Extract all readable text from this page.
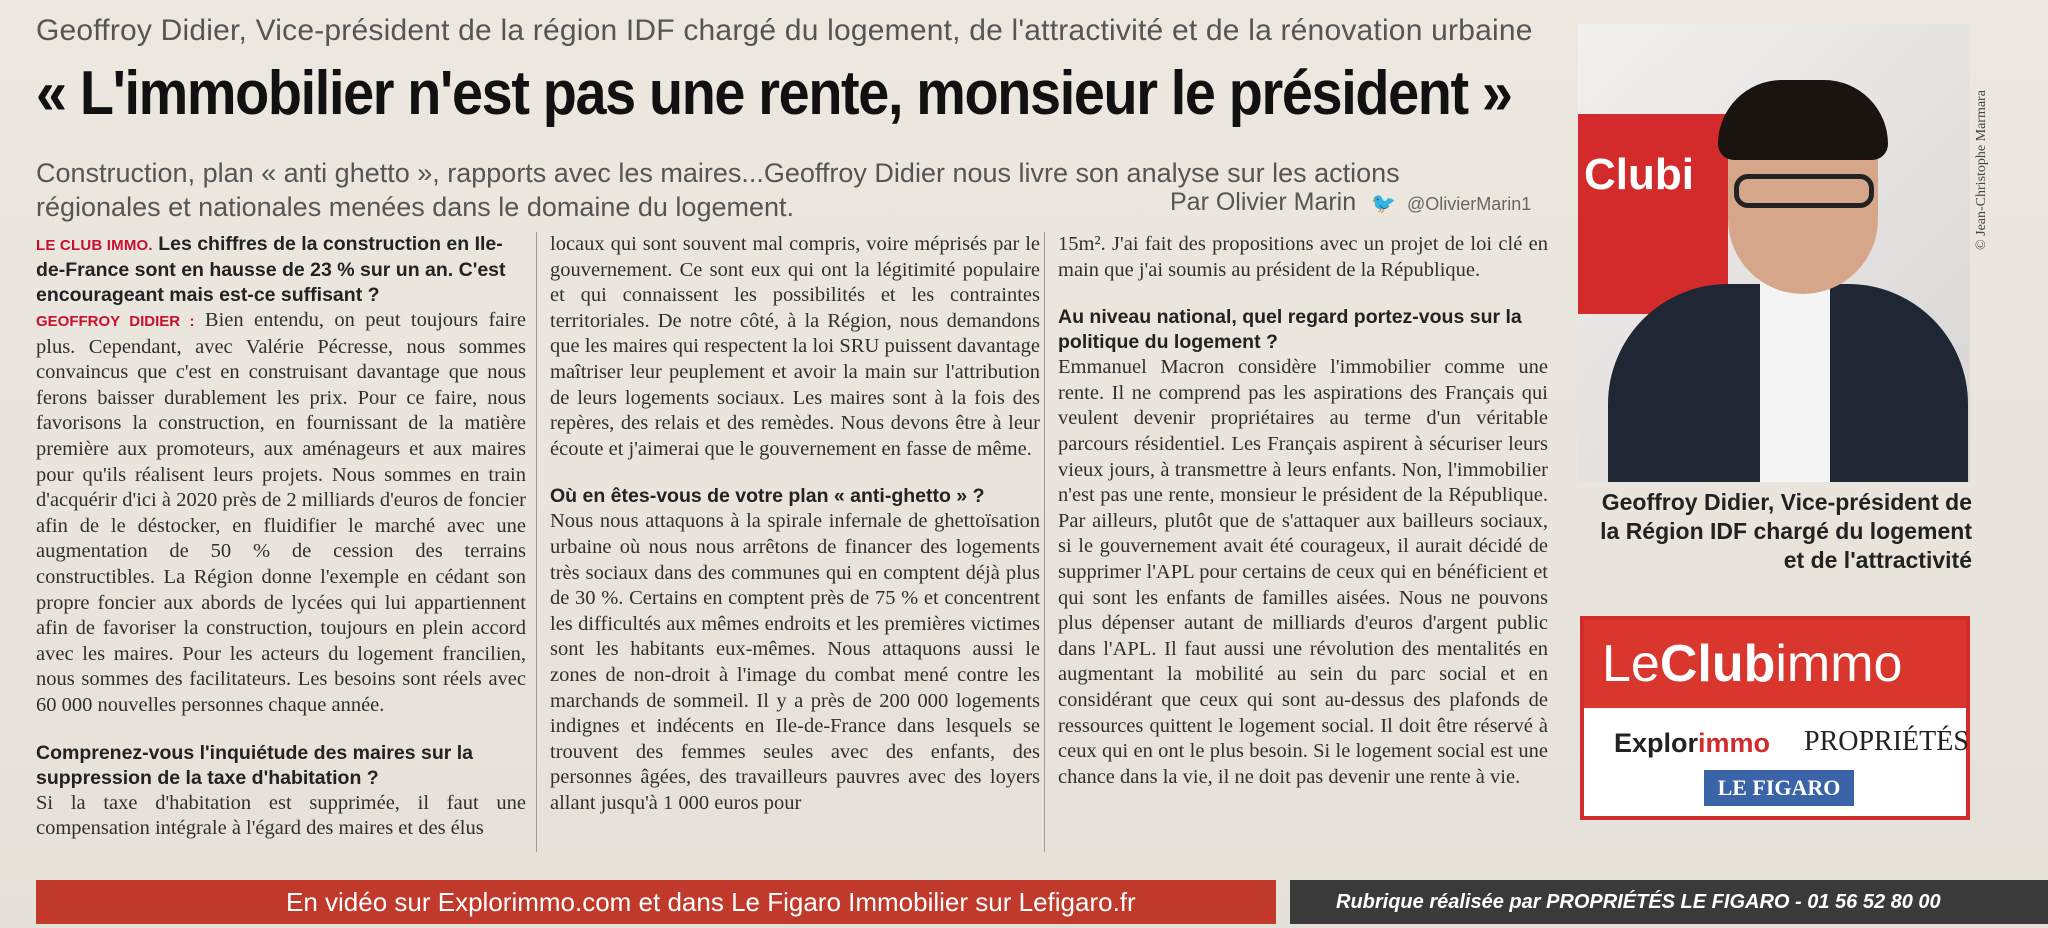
Geoffroy Didier, Vice-président de la région IDF chargé du logement, de l'attractivité et de la rénovation urbaine
« L'immobilier n'est pas une rente, monsieur le président »
Construction, plan « anti ghetto », rapports avec les maires...Geoffroy Didier nous livre son analyse sur les actions régionales et nationales menées dans le domaine du logement.	Par Olivier Marin 🐦 @OlivierMarin1

LE CLUB IMMO. Les chiffres de la construction en Ile-de-France sont en hausse de 23 % sur un an. C'est encourageant mais est-ce suffisant ?

GEOFFROY DIDIER : Bien entendu, on peut toujours faire plus. Cependant, avec Valérie Pécresse, nous sommes convaincus que c'est en construisant davantage que nous ferons baisser durablement les prix. Pour ce faire, nous favorisons la construction, en fournissant de la matière première aux promoteurs, aux aménageurs et aux maires pour qu'ils réalisent leurs projets. Nous sommes en train d'acquérir d'ici à 2020 près de 2 milliards d'euros de foncier afin de le déstocker, en fluidifier le marché avec une augmentation de 50 % de cession des terrains constructibles. La Région donne l'exemple en cédant son propre foncier aux abords de lycées qui lui appartiennent afin de favoriser la construction, toujours en plein accord avec les maires. Pour les acteurs du logement francilien, nous sommes des facilitateurs. Les besoins sont réels avec 60 000 nouvelles personnes chaque année.

Comprenez-vous l'inquiétude des maires sur la suppression de la taxe d'habitation ?

Si la taxe d'habitation est supprimée, il faut une compensation intégrale à l'égard des maires et des élus

locaux qui sont souvent mal compris, voire méprisés par le gouvernement. Ce sont eux qui ont la légitimité populaire et qui connaissent les possibilités et les contraintes territoriales. De notre côté, à la Région, nous demandons que les maires qui respectent la loi SRU puissent davantage maîtriser leur peuplement et avoir la main sur l'attribution de leurs logements sociaux. Les maires sont à la fois des repères, des relais et des remèdes. Nous devons être à leur écoute et j'aimerai que le gouvernement en fasse de même.

Où en êtes-vous de votre plan « anti-ghetto » ?

Nous nous attaquons à la spirale infernale de ghettoïsation urbaine où nous nous arrêtons de financer des logements très sociaux dans des communes qui en comptent déjà plus de 30 %. Certains en comptent près de 75 % et concentrent les difficultés aux mêmes endroits et les premières victimes sont les habitants eux-mêmes. Nous attaquons aussi le zones de non-droit à l'image du combat mené contre les marchands de sommeil. Il y a près de 200 000 logements indignes et indécents en Ile-de-France dans lesquels se trouvent des femmes seules avec des enfants, des personnes âgées, des travailleurs pauvres avec des loyers allant jusqu'à 1 000 euros pour

15m². J'ai fait des propositions avec un projet de loi clé en main que j'ai soumis au président de la République.

Au niveau national, quel regard portez-vous sur la politique du logement ?

Emmanuel Macron considère l'immobilier comme une rente. Il ne comprend pas les aspirations des Français qui veulent devenir propriétaires au terme d'un véritable parcours résidentiel. Les Français aspirent à sécuriser leurs vieux jours, à transmettre à leurs enfants. Non, l'immobilier n'est pas une rente, monsieur le président de la République. Par ailleurs, plutôt que de s'attaquer aux bailleurs sociaux, si le gouvernement avait été courageux, il aurait décidé de supprimer l'APL pour certains de ceux qui en bénéficient et qui sont les enfants de familles aisées. Nous ne pouvons plus dépenser autant de milliards d'euros d'argent public dans l'APL. Il faut aussi une révolution des mentalités en augmentant la mobilité au sein du parc social et en considérant que ceux qui sont au-dessus des plafonds de ressources quittent le logement social. Il doit être réservé à ceux qui en ont le plus besoin. Si le logement social est une chance dans la vie, il ne doit pas devenir une rente à vie.

Clubi	© Jean-Christophe Marmara
Geoffroy Didier, Vice-président de la Région IDF chargé du logement et de l'attractivité
LeClubimmo
Explorimmo PROPRIÉTÉS
LE FIGARO
En vidéo sur Explorimmo.com et dans Le Figaro Immobilier sur Lefigaro.fr	Rubrique réalisée par PROPRIÉTÉS LE FIGARO - 01 56 52 80 00
